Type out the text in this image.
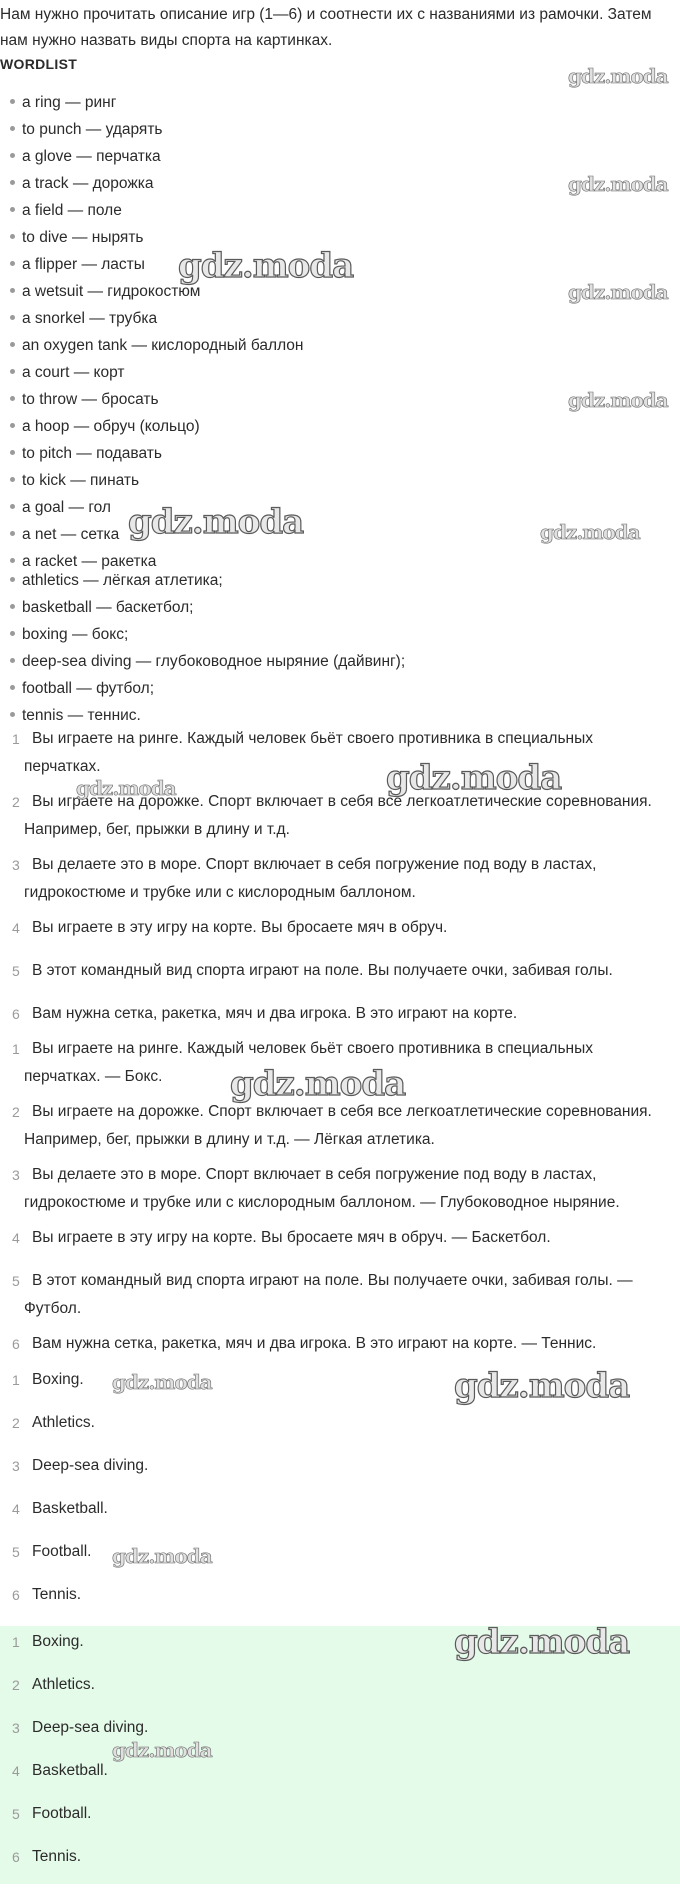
Нам нужно прочитать описание игр (1—6) и соотнести их с названиями из рамочки. Затем нам нужно назвать виды спорта на картинках.
WORDLIST
a ring — ринг
to punch — ударять
a glove — перчатка
a track — дорожка
a field — поле
to dive — нырять
a flipper — ласты
a wetsuit — гидрокостюм
a snorkel — трубка
an oxygen tank — кислородный баллон
a court — корт
to throw — бросать
a hoop — обруч (кольцо)
to pitch — подавать
to kick — пинать
a goal — гол
a net — сетка
a racket — ракетка
athletics — лёгкая атлетика;
basketball — баскетбол;
boxing — бокс;
deep-sea diving — глубоководное ныряние (дайвинг);
football — футбол;
tennis — теннис.
1 Вы играете на ринге. Каждый человек бьёт своего противника в специальных перчатках.
2 Вы играете на дорожке. Спорт включает в себя все легкоатлетические соревнования. Например, бег, прыжки в длину и т.д.
3 Вы делаете это в море. Спорт включает в себя погружение под воду в ластах, гидрокостюме и трубке или с кислородным баллоном.
4 Вы играете в эту игру на корте. Вы бросаете мяч в обруч.
5 В этот командный вид спорта играют на поле. Вы получаете очки, забивая голы.
6 Вам нужна сетка, ракетка, мяч и два игрока. В это играют на корте.
1 Вы играете на ринге. Каждый человек бьёт своего противника в специальных перчатках. — Бокс.
2 Вы играете на дорожке. Спорт включает в себя все легкоатлетические соревнования. Например, бег, прыжки в длину и т.д. — Лёгкая атлетика.
3 Вы делаете это в море. Спорт включает в себя погружение под воду в ластах, гидрокостюме и трубке или с кислородным баллоном. — Глубоководное ныряние.
4 Вы играете в эту игру на корте. Вы бросаете мяч в обруч. — Баскетбол.
5 В этот командный вид спорта играют на поле. Вы получаете очки, забивая голы. — Футбол.
6 Вам нужна сетка, ракетка, мяч и два игрока. В это играют на корте. — Теннис.
1 Boxing.
2 Athletics.
3 Deep-sea diving.
4 Basketball.
5 Football.
6 Tennis.
1 Boxing.
2 Athletics.
3 Deep-sea diving.
4 Basketball.
5 Football.
6 Tennis.
gdz.moda
gdz.moda
gdz.moda
gdz.moda
gdz.moda
gdz.moda	gdz.moda
gdz.moda
gdz.moda
gdz.moda
gdz.moda	gdz.moda
gdz.moda
gdz.moda
gdz.moda
